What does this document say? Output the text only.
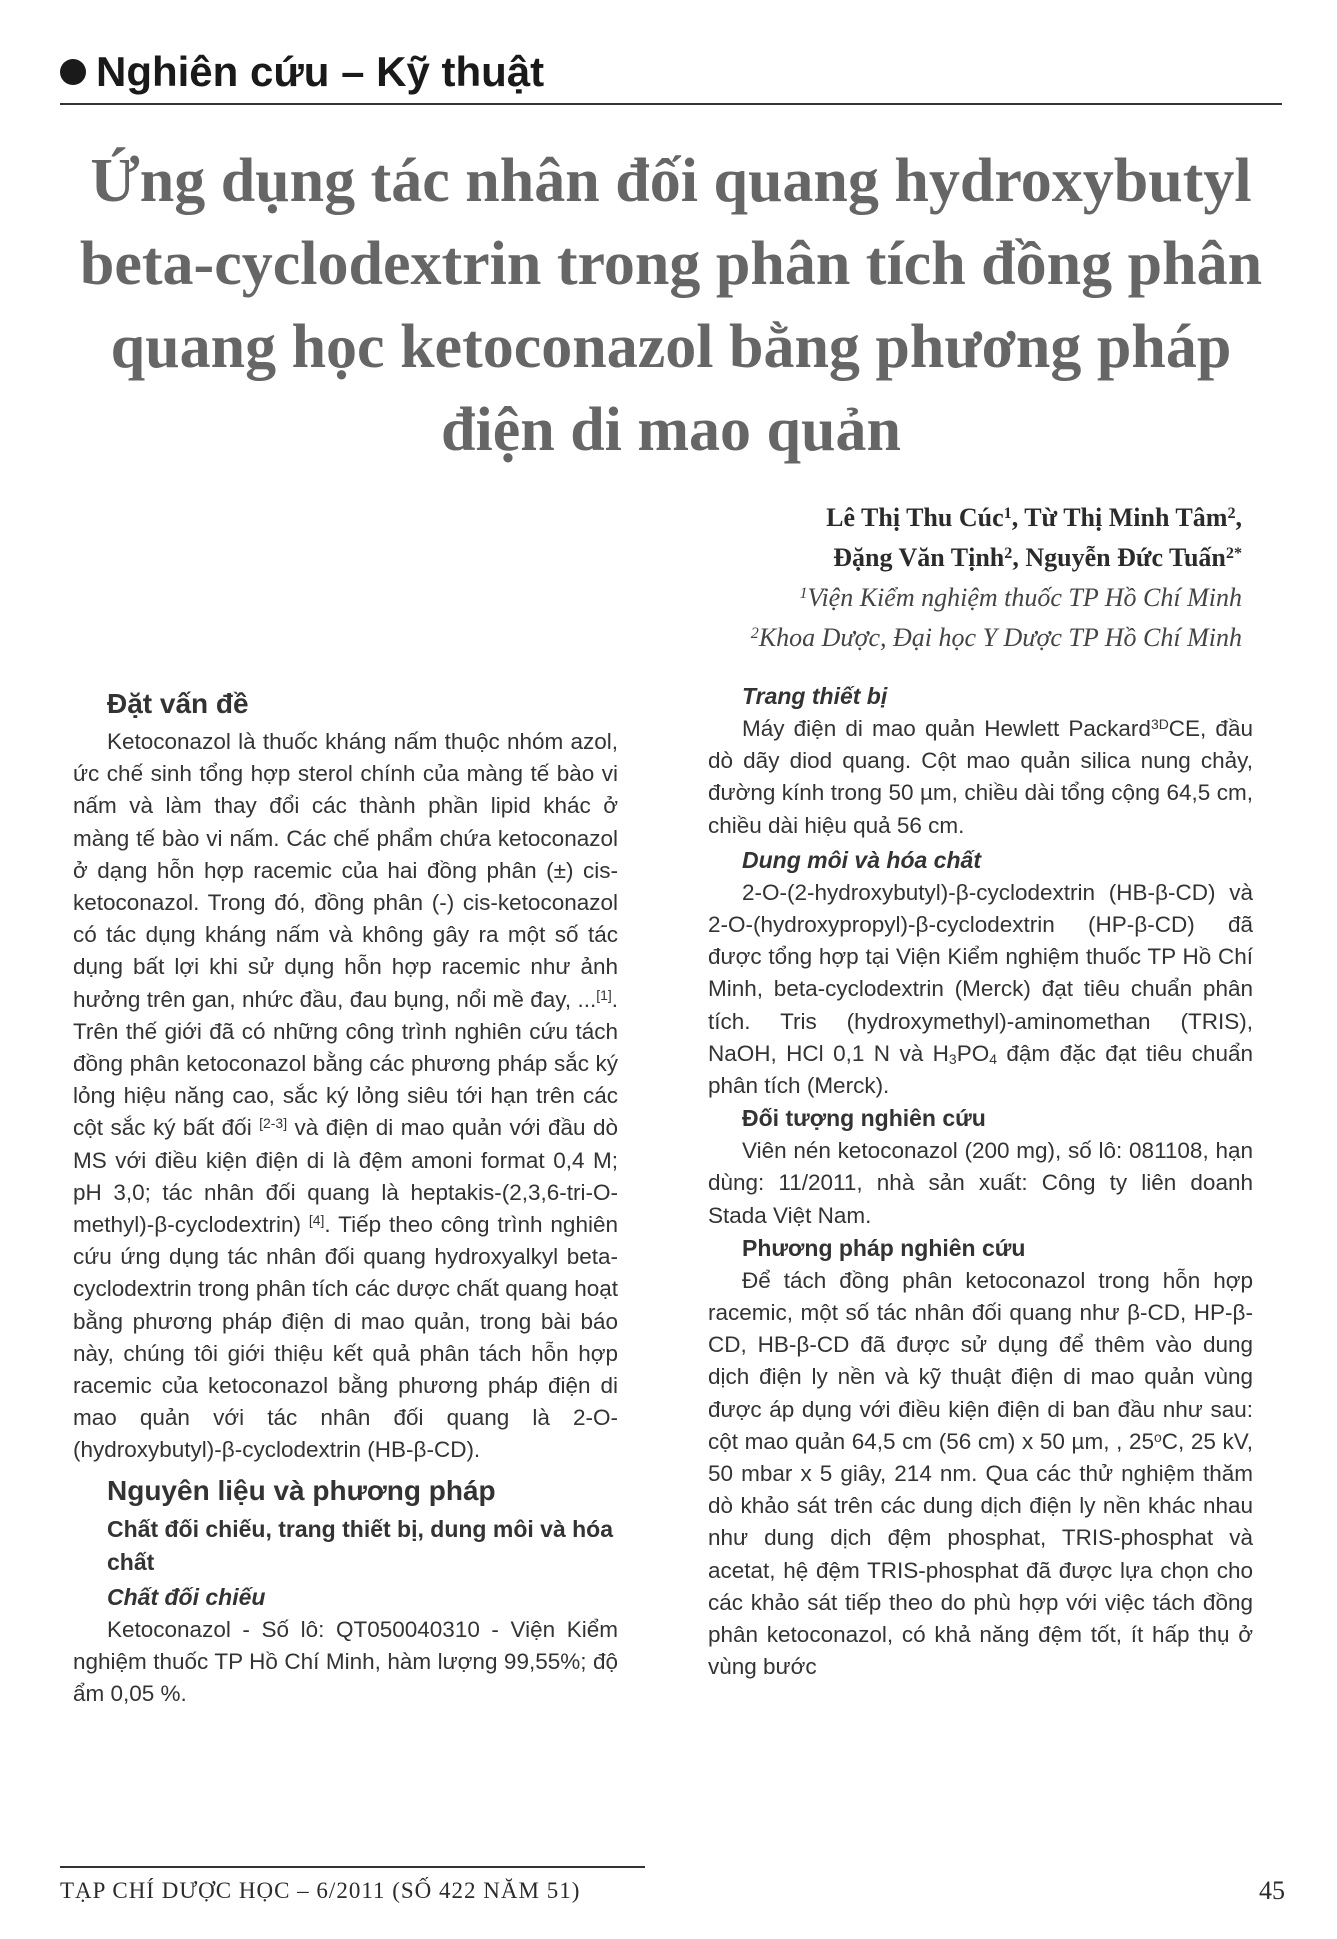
Nghiên cứu – Kỹ thuật
Ứng dụng tác nhân đối quang hydroxybutyl
beta-cyclodextrin trong phân tích đồng phân
quang học ketoconazol bằng phương pháp
điện di mao quản
Lê Thị Thu Cúc$^1$, Từ Thị Minh Tâm$^2$,
Đặng Văn Tịnh$^2$, Nguyễn Đức Tuấn$^{2*}$
$^1$Viện Kiểm nghiệm thuốc TP Hồ Chí Minh
$^2$Khoa Dược, Đại học Y Dược TP Hồ Chí Minh
Đặt vấn đề

Ketoconazol là thuốc kháng nấm thuộc nhóm azol, ức chế sinh tổng hợp sterol chính của màng tế bào vi nấm và làm thay đổi các thành phần lipid khác ở màng tế bào vi nấm. Các chế phẩm chứa ketoconazol ở dạng hỗn hợp racemic của hai đồng phân (±) cis-ketoconazol. Trong đó, đồng phân (-) cis-ketoconazol có tác dụng kháng nấm và không gây ra một số tác dụng bất lợi khi sử dụng hỗn hợp racemic như ảnh hưởng trên gan, nhức đầu, đau bụng, nổi mề đay, ...[1]. Trên thế giới đã có những công trình nghiên cứu tách đồng phân ketoconazol bằng các phương pháp sắc ký lỏng hiệu năng cao, sắc ký lỏng siêu tới hạn trên các cột sắc ký bất đối [2-3] và điện di mao quản với đầu dò MS với điều kiện điện di là đệm amoni format 0,4 M; pH 3,0; tác nhân đối quang là heptakis-(2,3,6-tri-O-methyl)-β-cyclodextrin) [4]. Tiếp theo công trình nghiên cứu ứng dụng tác nhân đối quang hydroxyalkyl beta-cyclodextrin trong phân tích các dược chất quang hoạt bằng phương pháp điện di mao quản, trong bài báo này, chúng tôi giới thiệu kết quả phân tách hỗn hợp racemic của ketoconazol bằng phương pháp điện di mao quản với tác nhân đối quang là 2-O-(hydroxybutyl)-β-cyclodextrin (HB-β-CD).

Nguyên liệu và phương pháp
Chất đối chiếu, trang thiết bị, dung môi và hóa chất
Chất đối chiếu

Ketoconazol - Số lô: QT050040310 - Viện Kiểm nghiệm thuốc TP Hồ Chí Minh, hàm lượng 99,55%; độ ẩm 0,05 %.

Trang thiết bị

Máy điện di mao quản Hewlett Packard$^{3D}$CE, đầu dò dãy diod quang. Cột mao quản silica nung chảy, đường kính trong 50 µm, chiều dài tổng cộng 64,5 cm, chiều dài hiệu quả 56 cm.

Dung môi và hóa chất

2-O-(2-hydroxybutyl)-β-cyclodextrin (HB-β-CD) và 2-O-(hydroxypropyl)-β-cyclodextrin (HP-β-CD) đã được tổng hợp tại Viện Kiểm nghiệm thuốc TP Hồ Chí Minh, beta-cyclodextrin (Merck) đạt tiêu chuẩn phân tích. Tris (hydroxymethyl)-aminomethan (TRIS), NaOH, HCl 0,1 N và $H_3PO_4$ đậm đặc đạt tiêu chuẩn phân tích (Merck).

Đối tượng nghiên cứu

Viên nén ketoconazol (200 mg), số lô: 081108, hạn dùng: 11/2011, nhà sản xuất: Công ty liên doanh Stada Việt Nam.

Phương pháp nghiên cứu

Để tách đồng phân ketoconazol trong hỗn hợp racemic, một số tác nhân đối quang như β-CD, HP-β-CD, HB-β-CD đã được sử dụng để thêm vào dung dịch điện ly nền và kỹ thuật điện di mao quản vùng được áp dụng với điều kiện điện di ban đầu như sau: cột mao quản 64,5 cm (56 cm) x 50 µm, , 25$^o$C, 25 kV, 50 mbar x 5 giây, 214 nm. Qua các thử nghiệm thăm dò khảo sát trên các dung dịch điện ly nền khác nhau như dung dịch đệm phosphat, TRIS-phosphat và acetat, hệ đệm TRIS-phosphat đã được lựa chọn cho các khảo sát tiếp theo do phù hợp với việc tách đồng phân ketoconazol, có khả năng đệm tốt, ít hấp thụ ở vùng bước

TẠP CHÍ DƯỢC HỌC – 6/2011 (SỐ 422 NĂM 51)	45
